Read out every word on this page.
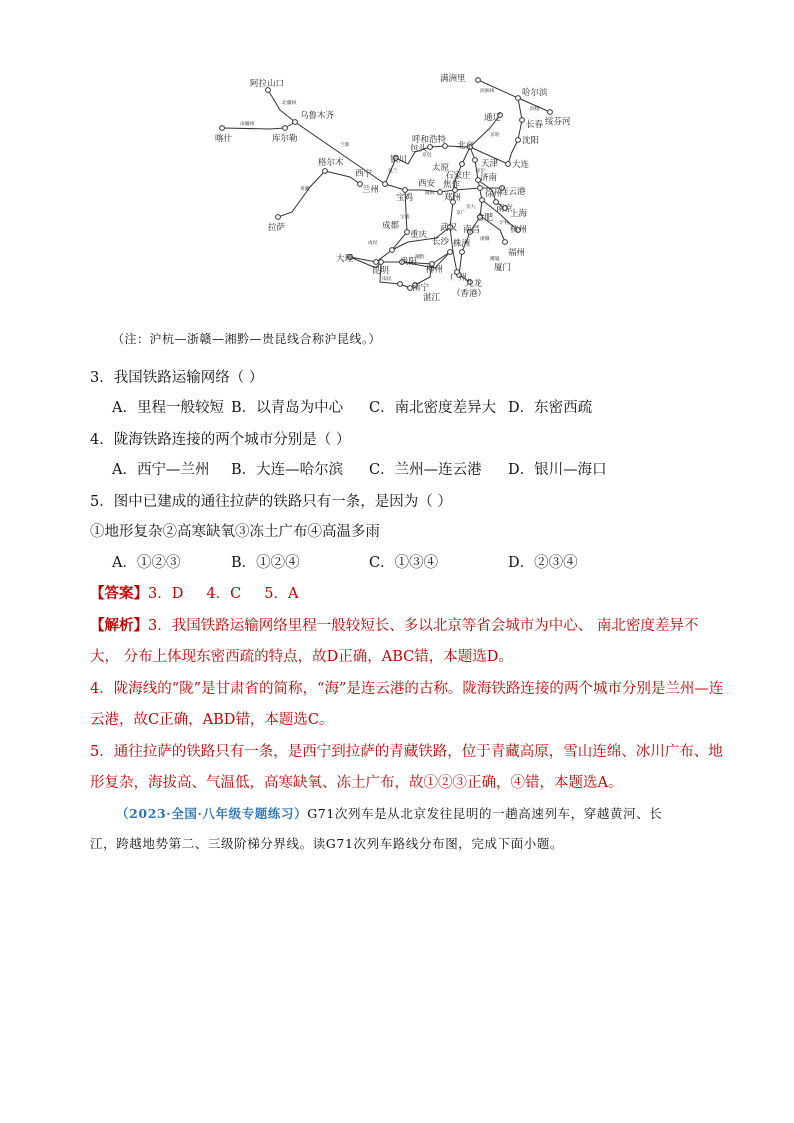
阿拉山口
乌鲁木齐
喀什	库尔勒
格尔木
西宁
兰州
拉萨
满洲里
哈尔滨
绥芬河
通辽
长春
沈阳
大连
呼和浩特
包头	北京
天津
银川
太原
石家庄 济南
西安
宝鸡
焦作
郑州	徐州
连云港
南京
上海
合肥
杭州
成都
重庆
武汉 南昌
长沙 株洲
福州
厦门
贵阳
柳州
昆明
大理
南宁
湛江
广州
九龙
（香港）
北疆线
南疆线
兰新
青藏
滨洲线
滨绥
京包
包兰
京哈
京沪
京广
京九
陇海
宝成
成昆
湘黔
南昆
沪杭
浙赣
鹰厦
（注：沪杭—浙赣—湘黔—贵昆线合称沪昆线。）
3．我国铁路运输网络（ ）
A．里程一般较短 B．以青岛为中心 C．南北密度差异大 D．东密西疏
4．陇海铁路连接的两个城市分别是（ ）
A．西宁—兰州 B．大连—哈尔滨 C．兰州—连云港 D．银川—海口
5．图中已建成的通往拉萨的铁路只有一条，是因为（ ）
①地形复杂②高寒缺氧③冻土广布④高温多雨
A．①②③	B．①②④	C．①③④	D．②③④
【答案】3．D     4．C     5．A
【解析】3．我国铁路运输网络里程一般较短长、多以北京等省会城市为中心、 南北密度差异不
大， 分布上体现东密西疏的特点，故D正确，ABC错，本题选D。
4．陇海线的“陇”是甘肃省的简称，“海”是连云港的古称。陇海铁路连接的两个城市分别是兰州—连
云港，故C正确，ABD错，本题选C。
5．通往拉萨的铁路只有一条，是西宁到拉萨的青藏铁路，位于青藏高原，雪山连绵、冰川广布、地
形复杂，海拔高、气温低，高寒缺氧、冻土广布，故①②③正确，④错，本题选A。
（2023·全国·八年级专题练习）G71次列车是从北京发往昆明的一趟高速列车，穿越黄河、长
江，跨越地势第二、三级阶梯分界线。读G71次列车路线分布图，完成下面小题。
